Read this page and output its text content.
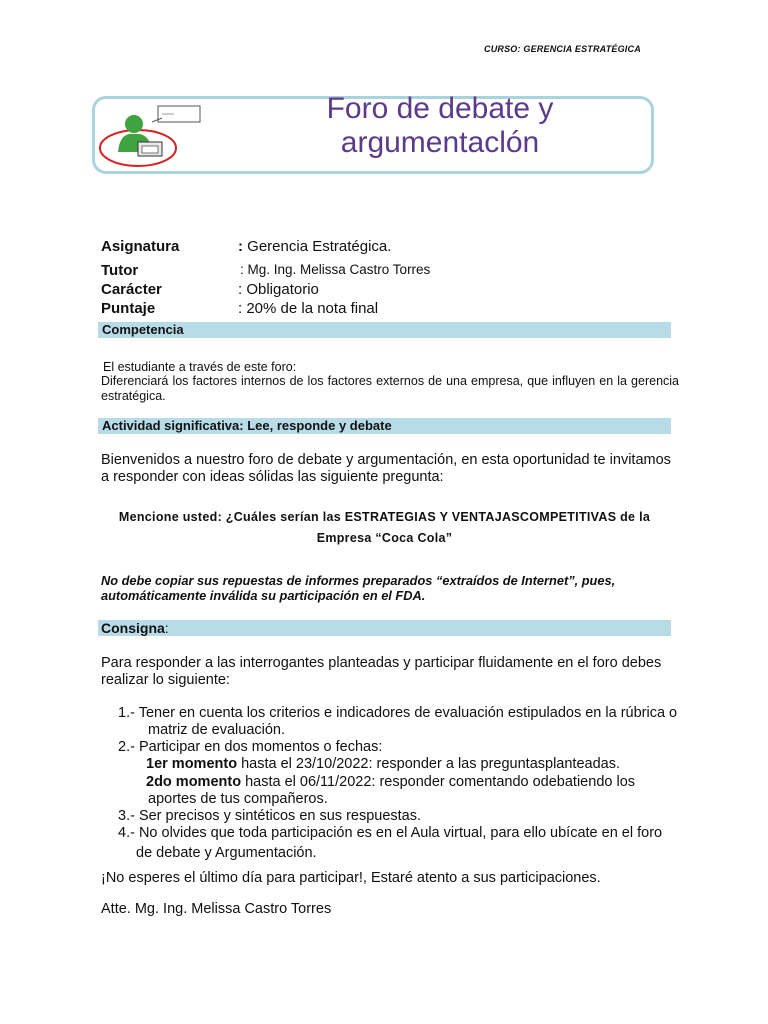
CURSO: GERENCIA ESTRATÉGICA
Foro de debate y
argumentaclón
Asignatura	: Gerencia Estratégica.
Tutor	: Mg. Ing. Melissa Castro Torres
Carácter	: Obligatorio
Puntaje	: 20% de la nota final
Competencia
El estudiante a través de este foro:
Diferenciará los factores internos de los factores externos de una empresa, que influyen en la gerencia estratégica.
Actividad significativa: Lee, responde y debate
Bienvenidos a nuestro foro de debate y argumentación, en esta oportunidad te invitamos a responder con ideas sólidas las siguiente pregunta:
Mencione usted: ¿Cuáles serían las ESTRATEGIAS Y VENTAJASCOMPETITIVAS de la
Empresa “Coca Cola”
No debe copiar sus repuestas de informes preparados “extraídos de Internet”, pues, automáticamente inválida su participación en el FDA.
Consigna:
Para responder a las interrogantes planteadas y participar fluidamente en el foro debes realizar lo siguiente:
1.- Tener en cuenta los criterios e indicadores de evaluación estipulados en la rúbrica o
matriz de evaluación.
2.- Participar en dos momentos o fechas:
1er momento hasta el 23/10/2022: responder a las preguntasplanteadas.
2do momento hasta el 06/11/2022: responder comentando odebatiendo los
aportes de tus compañeros.
3.- Ser precisos y sintéticos en sus respuestas.
4.- No olvides que toda participación es en el Aula virtual, para ello ubícate en el foro
de debate y Argumentación.
¡No esperes el último día para participar!, Estaré atento a sus participaciones.
Atte. Mg. Ing. Melissa Castro Torres
